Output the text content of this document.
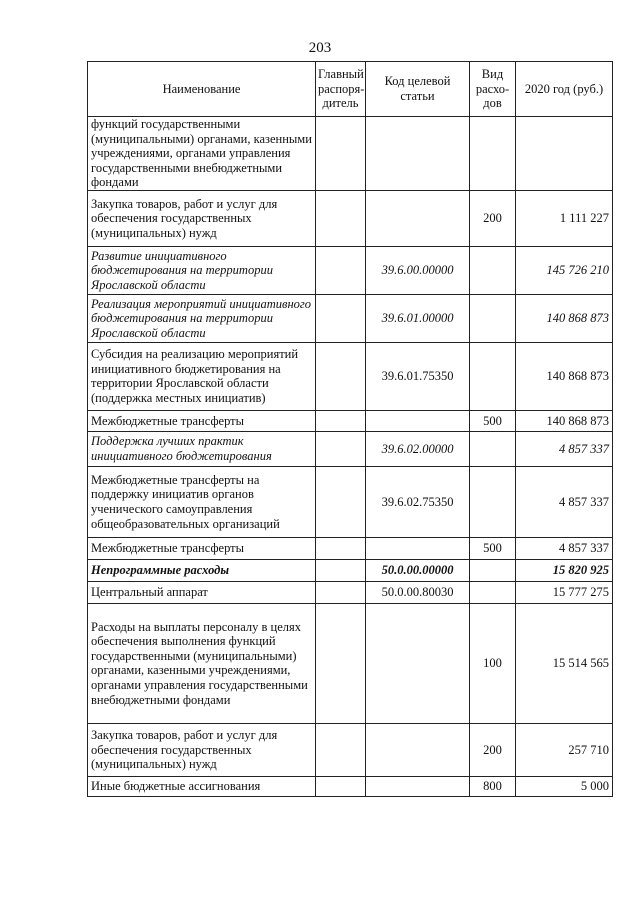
203
Наименование	Главный распоря-дитель	Код целевой статьи	Вид расхо-дов	2020 год (руб.)
функций государственными (муниципальными) органами, казенными учреждениями, органами управления государственными внебюджетными фондами				
Закупка товаров, работ и услуг для обеспечения государственных (муниципальных) нужд			200	1 111 227
Развитие инициативного бюджетирования на территории Ярославской области		39.6.00.00000		145 726 210
Реализация мероприятий инициативного бюджетирования на территории Ярославской области		39.6.01.00000		140 868 873
Субсидия на реализацию мероприятий инициативного бюджетирования на территории Ярославской области (поддержка местных инициатив)		39.6.01.75350		140 868 873
Межбюджетные трансферты			500	140 868 873
Поддержка лучших практик инициативного бюджетирования		39.6.02.00000		4 857 337
Межбюджетные трансферты на поддержку инициатив органов ученического самоуправления общеобразовательных организаций		39.6.02.75350		4 857 337
Межбюджетные трансферты			500	4 857 337
Непрограммные расходы		50.0.00.00000		15 820 925
Центральный аппарат		50.0.00.80030		15 777 275
Расходы на выплаты персоналу в целях обеспечения выполнения функций государственными (муниципальными) органами, казенными учреждениями, органами управления государственными внебюджетными фондами			100	15 514 565
Закупка товаров, работ и услуг для обеспечения государственных (муниципальных) нужд			200	257 710
Иные бюджетные ассигнования			800	5 000
